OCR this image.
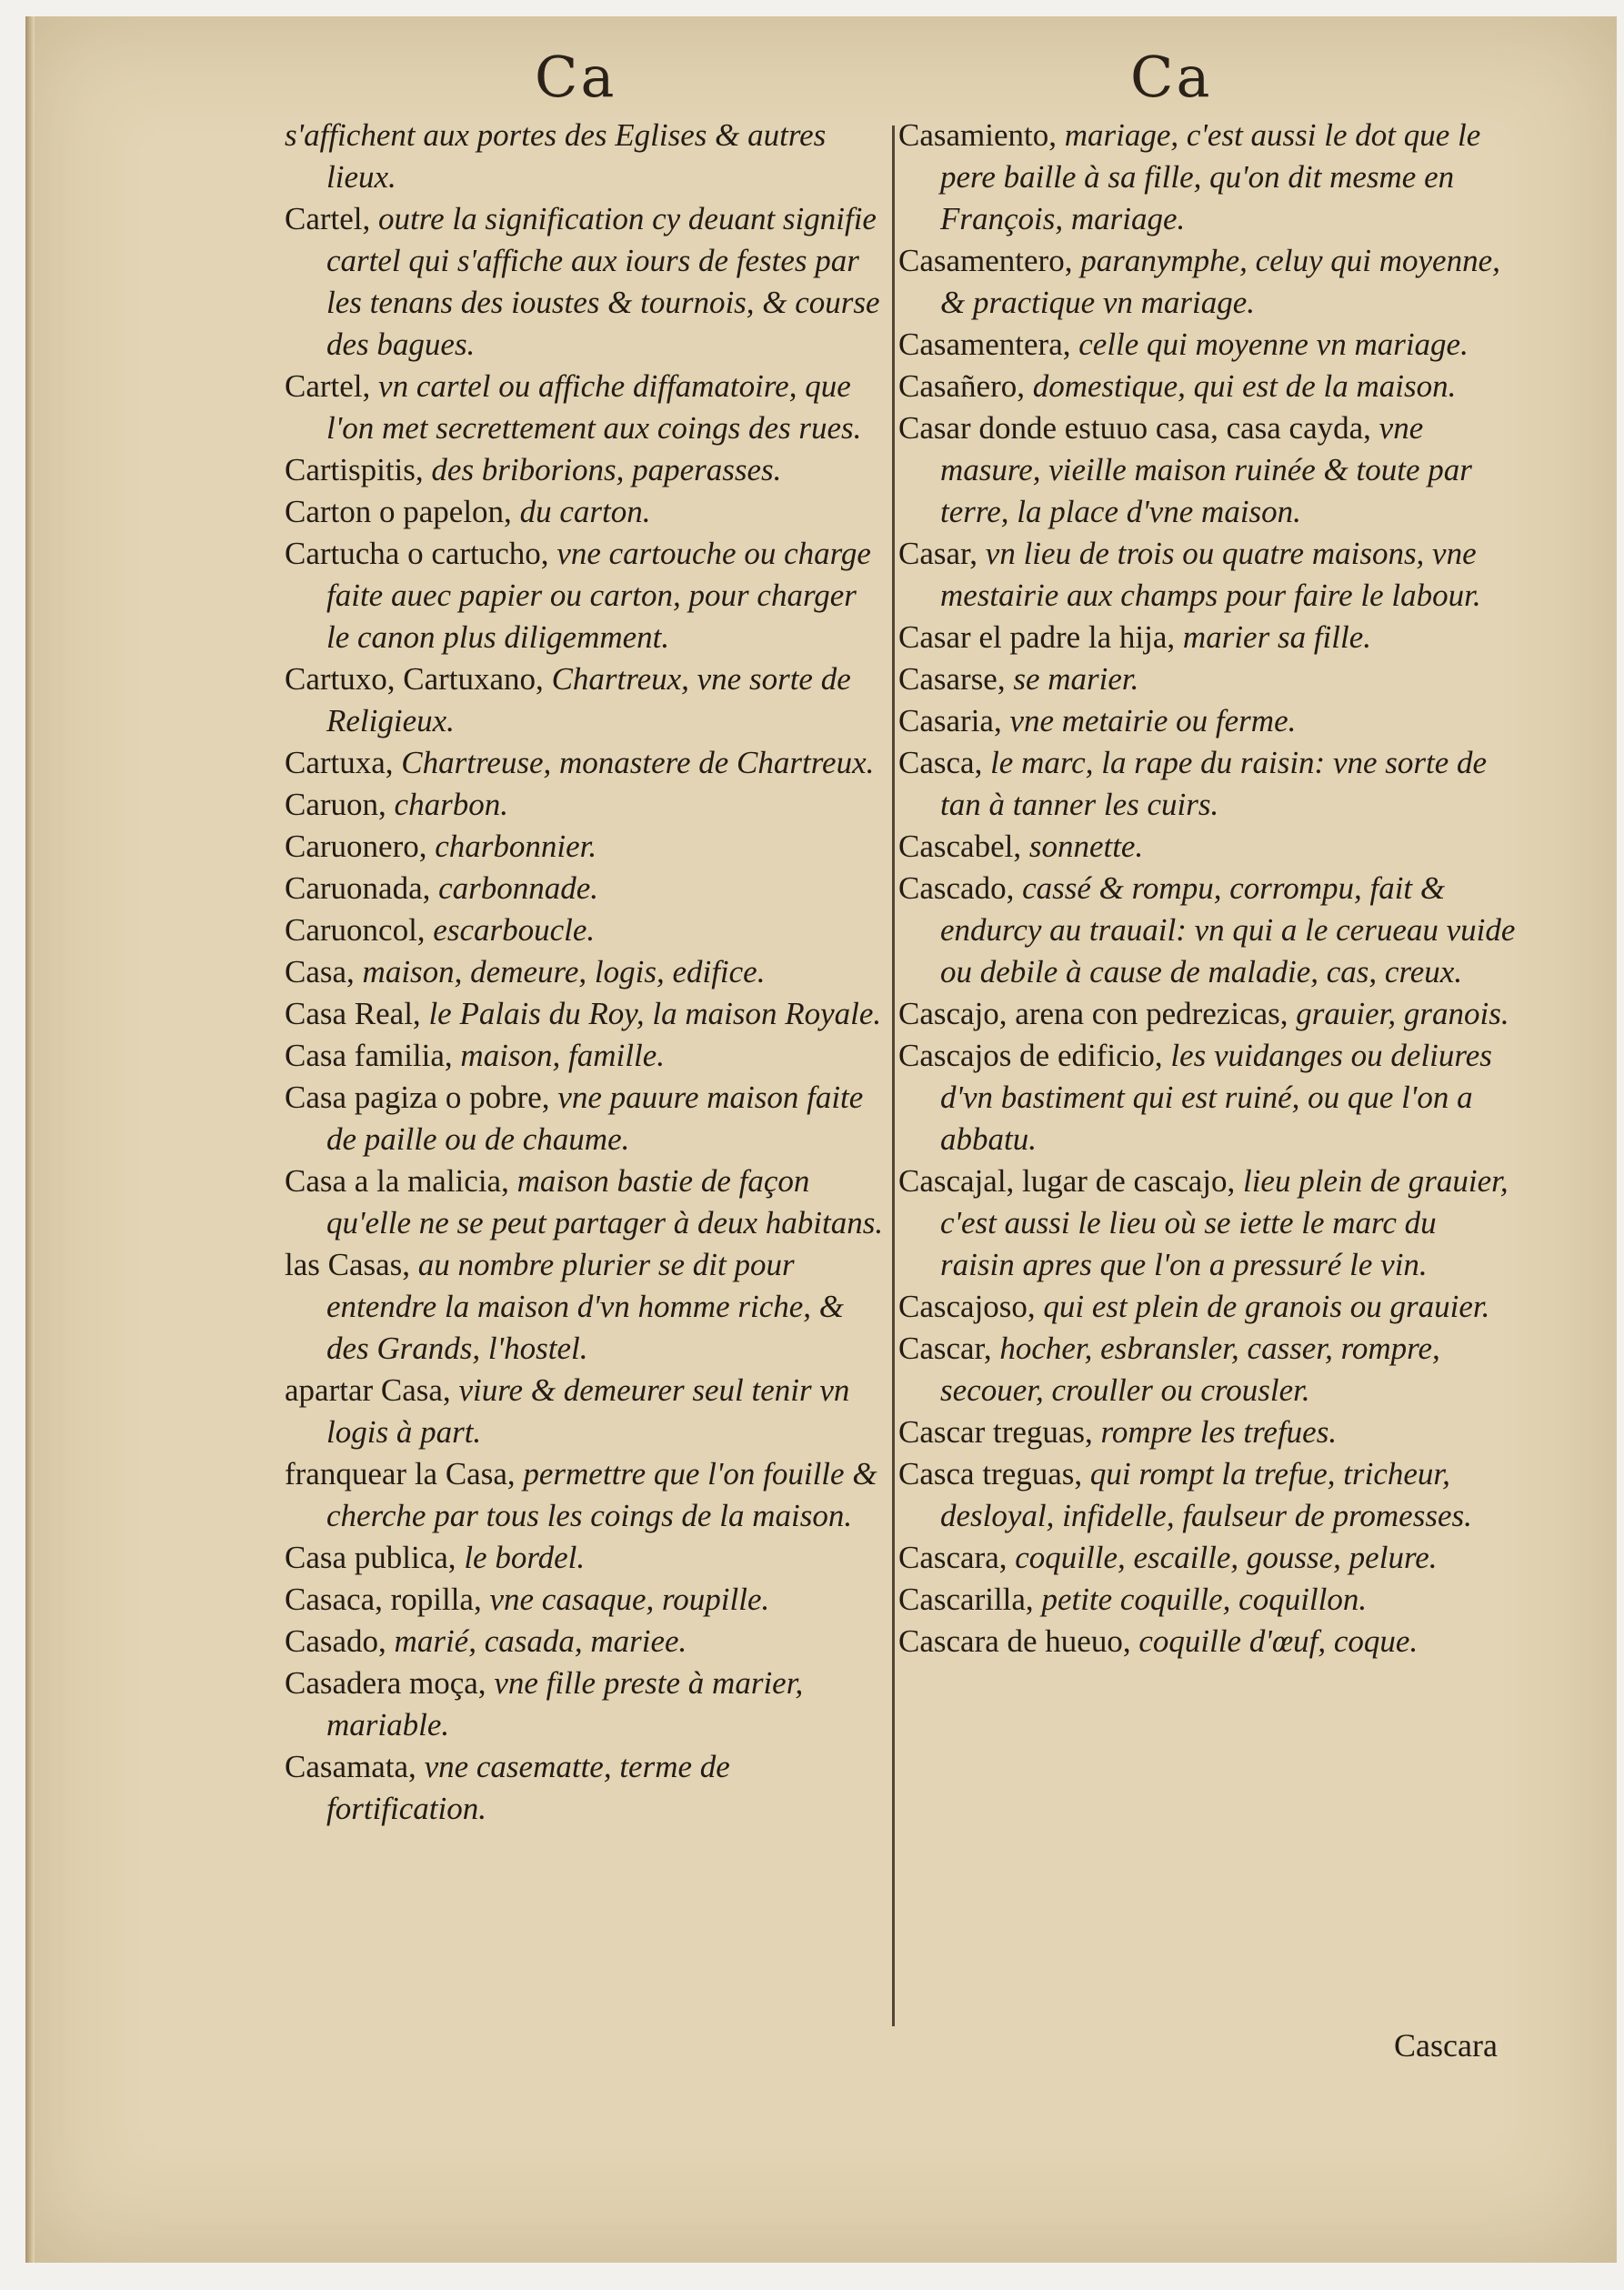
Ca	Ca

s'affichent aux portes des Eglises & autres lieux.

Cartel, outre la signification cy deuant signifie cartel qui s'affiche aux iours de festes par les tenans des ioustes & tournois, & course des bagues.

Cartel, vn cartel ou affiche diffamatoire, que l'on met secrettement aux coings des rues.

Cartispitis, des briborions, paperasses.

Carton o papelon, du carton.

Cartucha o cartucho, vne cartouche ou charge faite auec papier ou carton, pour charger le canon plus diligemment.

Cartuxo, Cartuxano, Chartreux, vne sorte de Religieux.

Cartuxa, Chartreuse, monastere de Chartreux.

Caruon, charbon.

Caruonero, charbonnier.

Caruonada, carbonnade.

Caruoncol, escarboucle.

Casa, maison, demeure, logis, edifice.

Casa Real, le Palais du Roy, la maison Royale.

Casa familia, maison, famille.

Casa pagiza o pobre, vne pauure maison faite de paille ou de chaume.

Casa a la malicia, maison bastie de façon qu'elle ne se peut partager à deux habitans.

las Casas, au nombre plurier se dit pour entendre la maison d'vn homme riche, & des Grands, l'hostel.

apartar Casa, viure & demeurer seul tenir vn logis à part.

franquear la Casa, permettre que l'on fouille & cherche par tous les coings de la maison.

Casa publica, le bordel.

Casaca, ropilla, vne casaque, roupille.

Casado, marié, casada, mariee.

Casadera moça, vne fille preste à marier, mariable.

Casamata, vne casematte, terme de fortification.

Casamiento, mariage, c'est aussi le dot que le pere baille à sa fille, qu'on dit mesme en François, mariage.

Casamentero, paranymphe, celuy qui moyenne, & practique vn mariage.

Casamentera, celle qui moyenne vn mariage.

Casañero, domestique, qui est de la maison.

Casar donde estuuo casa, casa cayda, vne masure, vieille maison ruinée & toute par terre, la place d'vne maison.

Casar, vn lieu de trois ou quatre maisons, vne mestairie aux champs pour faire le labour.

Casar el padre la hija, marier sa fille.

Casarse, se marier.

Casaria, vne metairie ou ferme.

Casca, le marc, la rape du raisin: vne sorte de tan à tanner les cuirs.

Cascabel, sonnette.

Cascado, cassé & rompu, corrompu, fait & endurcy au trauail: vn qui a le cerueau vuide ou debile à cause de maladie, cas, creux.

Cascajo, arena con pedrezicas, grauier, granois.

Cascajos de edificio, les vuidanges ou deliures d'vn bastiment qui est ruiné, ou que l'on a abbatu.

Cascajal, lugar de cascajo, lieu plein de grauier, c'est aussi le lieu où se iette le marc du raisin apres que l'on a pressuré le vin.

Cascajoso, qui est plein de granois ou grauier.

Cascar, hocher, esbransler, casser, rompre, secouer, crouller ou crousler.

Cascar treguas, rompre les trefues.

Casca treguas, qui rompt la trefue, tricheur, desloyal, infidelle, faulseur de promesses.

Cascara, coquille, escaille, gousse, pelure.

Cascarilla, petite coquille, coquillon.

Cascara de hueuo, coquille d'œuf, coque.

Cascara
